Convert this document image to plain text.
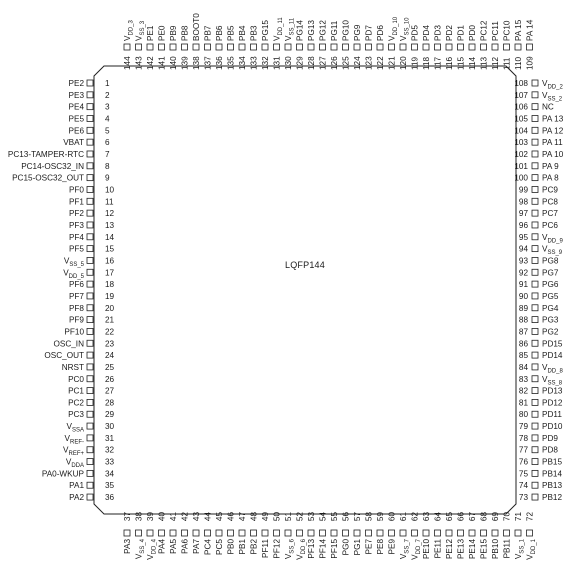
LQFP144
1
PE2
2
PE3
3
PE4
4
PE5
5
PE6
6
VBAT
7
PC13-TAMPER-RTC
8
PC14-OSC32_IN
9
PC15-OSC32_OUT
10
PF0
11
PF1
12
PF2
13
PF3
14
PF4
15
PF5
16
$V_{SS\_5}$
17
$V_{DD\_5}$
18
PF6
19
PF7
20
PF8
21
PF9
22
PF10
23
OSC_IN
24
OSC_OUT
25
NRST
26
PC0
27
PC1
28
PC2
29
PC3
30
$V_{SSA}$
31
$V_{REF-}$
32
$V_{REF+}$
33
$V_{DDA}$
34
PA0-WKUP
35
PA1
36
PA2
108 $V_{DD\_2}$
107 $V_{SS\_2}$
106 NC
105 PA 13
104 PA 12
103 PA 11
102 PA 10
101 PA 9
100 PA 8
99 PC9
98 PC8
97 PC7
96 PC6
95 $V_{DD\_9}$
94 $V_{SS\_9}$
93 PG8
92 PG7
91 PG6
90 PG5
89 PG4
88 PG3
87 PG2
86 PD15
85 PD14
84 $V_{DD\_8}$
83 $V_{SS\_8}$
82 PD13
81 PD12
80 PD11
79 PD10
78 PD9
77 PD8
76 PB15
75 PB14
74 PB13
73 PB12
37
PA3
38
$V_{SS\_4}$
39
$V_{DD\_4}$
40
PA4
41
PA5
42
PA6
43
PA7
44
PC4
45
PC5
46
PB0
47
PB1
48
PB2
49
PF11
50
PF12
51
$V_{SS\_6}$
52
$V_{DD\_6}$
53
PF13
54
PF14
55
PF15
56
PG0
57
PG1
58
PE7
59
PE8
60
PE9
61
$V_{SS\_7}$
62
$V_{DD\_7}$
63
PE10
64
PE11
65
PE12
66
PE13
67
PE14
68
PE15
69
PB10
70
PB11
71
$V_{SS\_1}$
72
$V_{DD\_1}$
144
$V_{DD\_3}$
143
$V_{SS\_3}$
142
PE1
141
PE0
140
PB9
139
PB8
138
BOOT0
137
PB7
136
PB6
135
PB5
134
PB4
133
PB3
132
PG15
131
$V_{DD\_11}$
130
$V_{SS\_11}$
129
PG14
128
PG13
127
PG12
126
PG11
125
PG10
124
PG9
123
PD7
122
PD6
121
$V_{DD\_10}$
120
$V_{SS\_10}$
119
PD5
118
PD4
117
PD3
116
PD2
115
PD1
114
PD0
113
PC12
112
PC11
111
PC10
110
PA 15
109
PA 14
